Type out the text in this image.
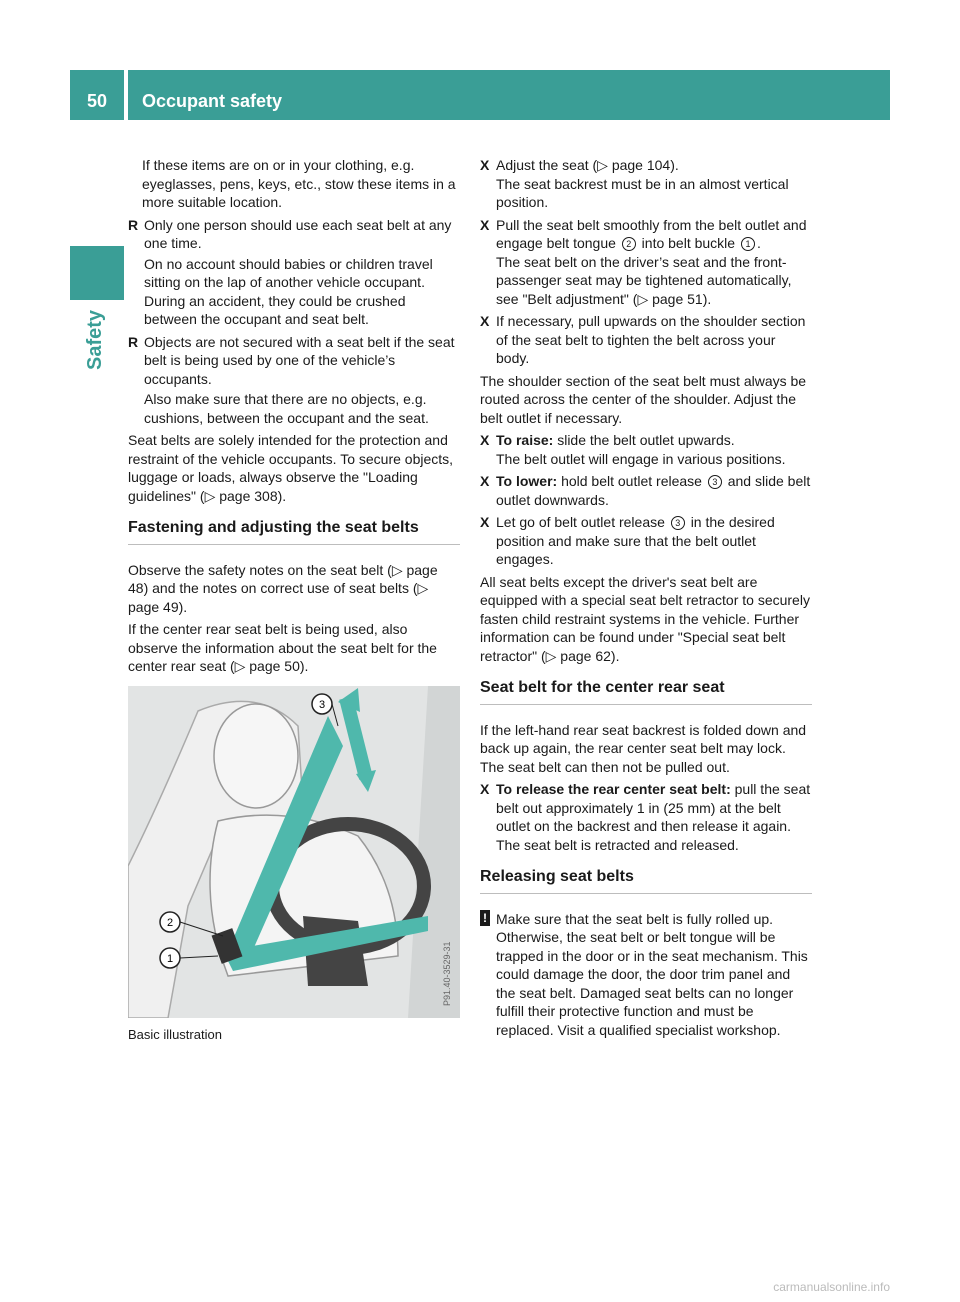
50	Occupant safety
Safety

If these items are on or in your clothing, e.g. eyeglasses, pens, keys, etc., stow these items in a more suitable location.

R Only one person should use each seat belt at any one time.
On no account should babies or children travel sitting on the lap of another vehicle occupant. During an accident, they could be crushed between the occupant and seat belt.
R Objects are not secured with a seat belt if the seat belt is being used by one of the vehicle’s occupants.
Also make sure that there are no objects, e.g. cushions, between the occupant and the seat.

Seat belts are solely intended for the protection and restraint of the vehicle occupants. To secure objects, luggage or loads, always observe the "Loading guidelines" (▷ page 308).

Fastening and adjusting the seat belts

Observe the safety notes on the seat belt (▷ page 48) and the notes on correct use of seat belts (▷ page 49).

If the center rear seat belt is being used, also observe the information about the seat belt for the center rear seat (▷ page 50).

3
2
1	P91.40-3529-31
Basic illustration
X Adjust the seat (▷ page 104).
The seat backrest must be in an almost vertical position.
X Pull the seat belt smoothly from the belt outlet and engage belt tongue 2 into belt buckle 1 .
The seat belt on the driver’s seat and the front-passenger seat may be tightened automatically, see "Belt adjustment" (▷ page 51).
X If necessary, pull upwards on the shoulder section of the seat belt to tighten the belt across your body.

The shoulder section of the seat belt must always be routed across the center of the shoulder. Adjust the belt outlet if necessary.

X To raise: slide the belt outlet upwards.
The belt outlet will engage in various positions.
X To lower: hold belt outlet release 3 and slide belt outlet downwards.
X Let go of belt outlet release 3 in the desired position and make sure that the belt outlet engages.

All seat belts except the driver's seat belt are equipped with a special seat belt retractor to securely fasten child restraint systems in the vehicle. Further information can be found under "Special seat belt retractor" (▷ page 62).

Seat belt for the center rear seat

If the left-hand rear seat backrest is folded down and back up again, the rear center seat belt may lock. The seat belt can then not be pulled out.

X To release the rear center seat belt: pull the seat belt out approximately 1 in (25 mm) at the belt outlet on the backrest and then release it again.
The seat belt is retracted and released.
Releasing seat belts
! Make sure that the seat belt is fully rolled up. Otherwise, the seat belt or belt tongue will be trapped in the door or in the seat mechanism. This could damage the door, the door trim panel and the seat belt. Damaged seat belts can no longer fulfill their protective function and must be replaced. Visit a qualified specialist workshop.
carmanualsonline.info
